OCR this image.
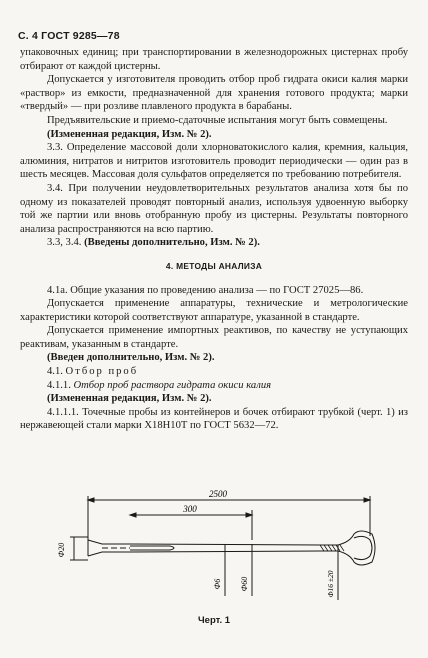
С. 4 ГОСТ 9285—78

упаковочных единиц; при транспортировании в железнодорожных цистернах пробу отбирают от каждой цистерны.

Допускается у изготовителя проводить отбор проб гидрата окиси калия марки «раствор» из емкости, предназначенной для хранения готового продукта; марки «твердый» — при розливе плавленого продукта в барабаны.

Предъявительские и приемо-сдаточные испытания могут быть совмещены.

(Измененная редакция, Изм. № 2).

3.3. Определение массовой доли хлорноватокислого калия, кремния, кальция, алюминия, нитратов и нитритов изготовитель проводит периодически — один раз в шесть месяцев. Массовая доля сульфатов определяется по требованию потребителя.

3.4. При получении неудовлетворительных результатов анализа хотя бы по одному из показателей проводят повторный анализ, используя удвоенную выборку той же партии или вновь отобранную пробу из цистерны. Результаты повторного анализа распространяются на всю партию.

3.3, 3.4. (Введены дополнительно, Изм. № 2).

4. МЕТОДЫ АНАЛИЗА

4.1а. Общие указания по проведению анализа — по ГОСТ 27025—86.

Допускается применение аппаратуры, технические и метрологические характеристики которой соответствуют аппаратуре, указанной в стандарте.

Допускается применение импортных реактивов, по качеству не уступающих реактивам, указанным в стандарте.

(Введен дополнительно, Изм. № 2).

4.1. Отбор проб

4.1.1. Отбор проб раствора гидрата окиси калия

(Измененная редакция, Изм. № 2).

4.1.1.1. Точечные пробы из контейнеров и бочек отбирают трубкой (черт. 1) из нержавеющей стали марки Х18Н10Т по ГОСТ 5632—72.

2500
300
Ф20
Ф6 Ф60	Ф16 ±20
Черт. 1
